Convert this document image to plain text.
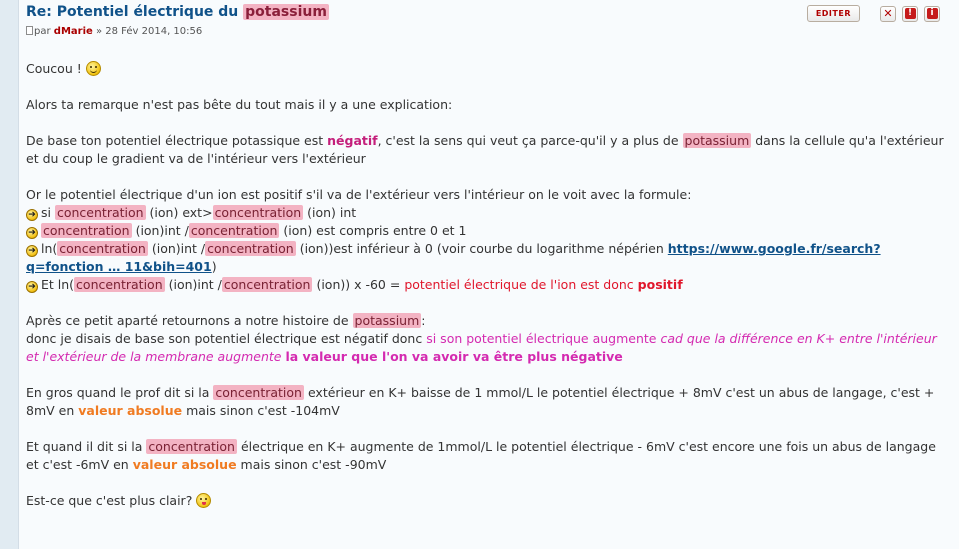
Re: Potentiel électrique du potassium
par dMarie » 28 Fév 2014, 10:56
EDITER	✕	!	i

Coucou !

Alors ta remarque n'est pas bête du tout mais il y a une explication:

De base ton potentiel électrique potassique est négatif, c'est la sens qui veut ça parce-qu'il y a plus de potassium dans la cellule qu'a l'extérieur et du coup le gradient va de l'intérieur vers l'extérieur

Or le potentiel électrique d'un ion est positif s'il va de l'extérieur vers l'intérieur on le voit avec la formule:

➔ si concentration (ion) ext> concentration (ion) int

➔ concentration (ion)int / concentration (ion) est compris entre 0 et 1

➔ ln( concentration (ion)int / concentration (ion))est inférieur à 0 (voir courbe du logarithme népérien https://www.google.fr/search?q=fonction … 11&bih=401)

➔ Et ln( concentration (ion)int / concentration (ion)) x -60 = potentiel électrique de l'ion est donc positif

Après ce petit aparté retournons a notre histoire de potassium :

donc je disais de base son potentiel électrique est négatif donc si son potentiel électrique augmente cad que la différence en K+ entre l'intérieur et l'extérieur de la membrane augmente la valeur que l'on va avoir va être plus négative

En gros quand le prof dit si la concentration extérieur en K+ baisse de 1 mmol/L le potentiel électrique + 8mV c'est un abus de langage, c'est + 8mV en valeur absolue mais sinon c'est -104mV

Et quand il dit si la concentration électrique en K+ augmente de 1mmol/L le potentiel électrique - 6mV c'est encore une fois un abus de langage et c'est -6mV en valeur absolue mais sinon c'est -90mV

Est-ce que c'est plus clair?
